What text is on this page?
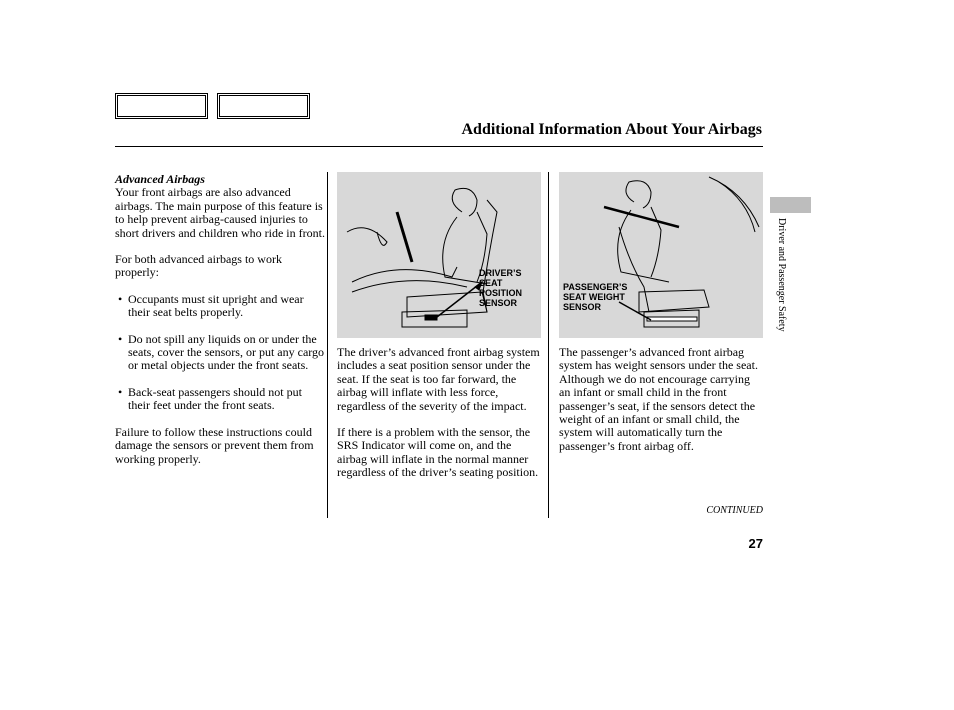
Additional Information About Your Airbags

Advanced Airbags

Your front airbags are also advanced airbags. The main purpose of this feature is to help prevent airbag-caused injuries to short drivers and children who ride in front.

For both advanced airbags to work properly:

• Occupants must sit upright and wear their seat belts properly.
• Do not spill any liquids on or under the seats, cover the sensors, or put any cargo or metal objects under the front seats.
• Back-seat passengers should not put their feet under the front seats.

Failure to follow these instructions could damage the sensors or prevent them from working properly.

DRIVER’S
SEAT
POSITION
SENSOR
PASSENGER’S
SEAT WEIGHT
SENSOR

The driver’s advanced front airbag system includes a seat position sensor under the seat. If the seat is too far forward, the airbag will inflate with less force, regardless of the severity of the impact.

If there is a problem with the sensor, the SRS Indicator will come on, and the airbag will inflate in the normal manner regardless of the driver’s seating position.

The passenger’s advanced front airbag system has weight sensors under the seat. Although we do not encourage carrying an infant or small child in the front passenger’s seat, if the sensors detect the weight of an infant or small child, the system will automatically turn the passenger’s front airbag off.

Driver and Passenger Safety
CONTINUED
27
